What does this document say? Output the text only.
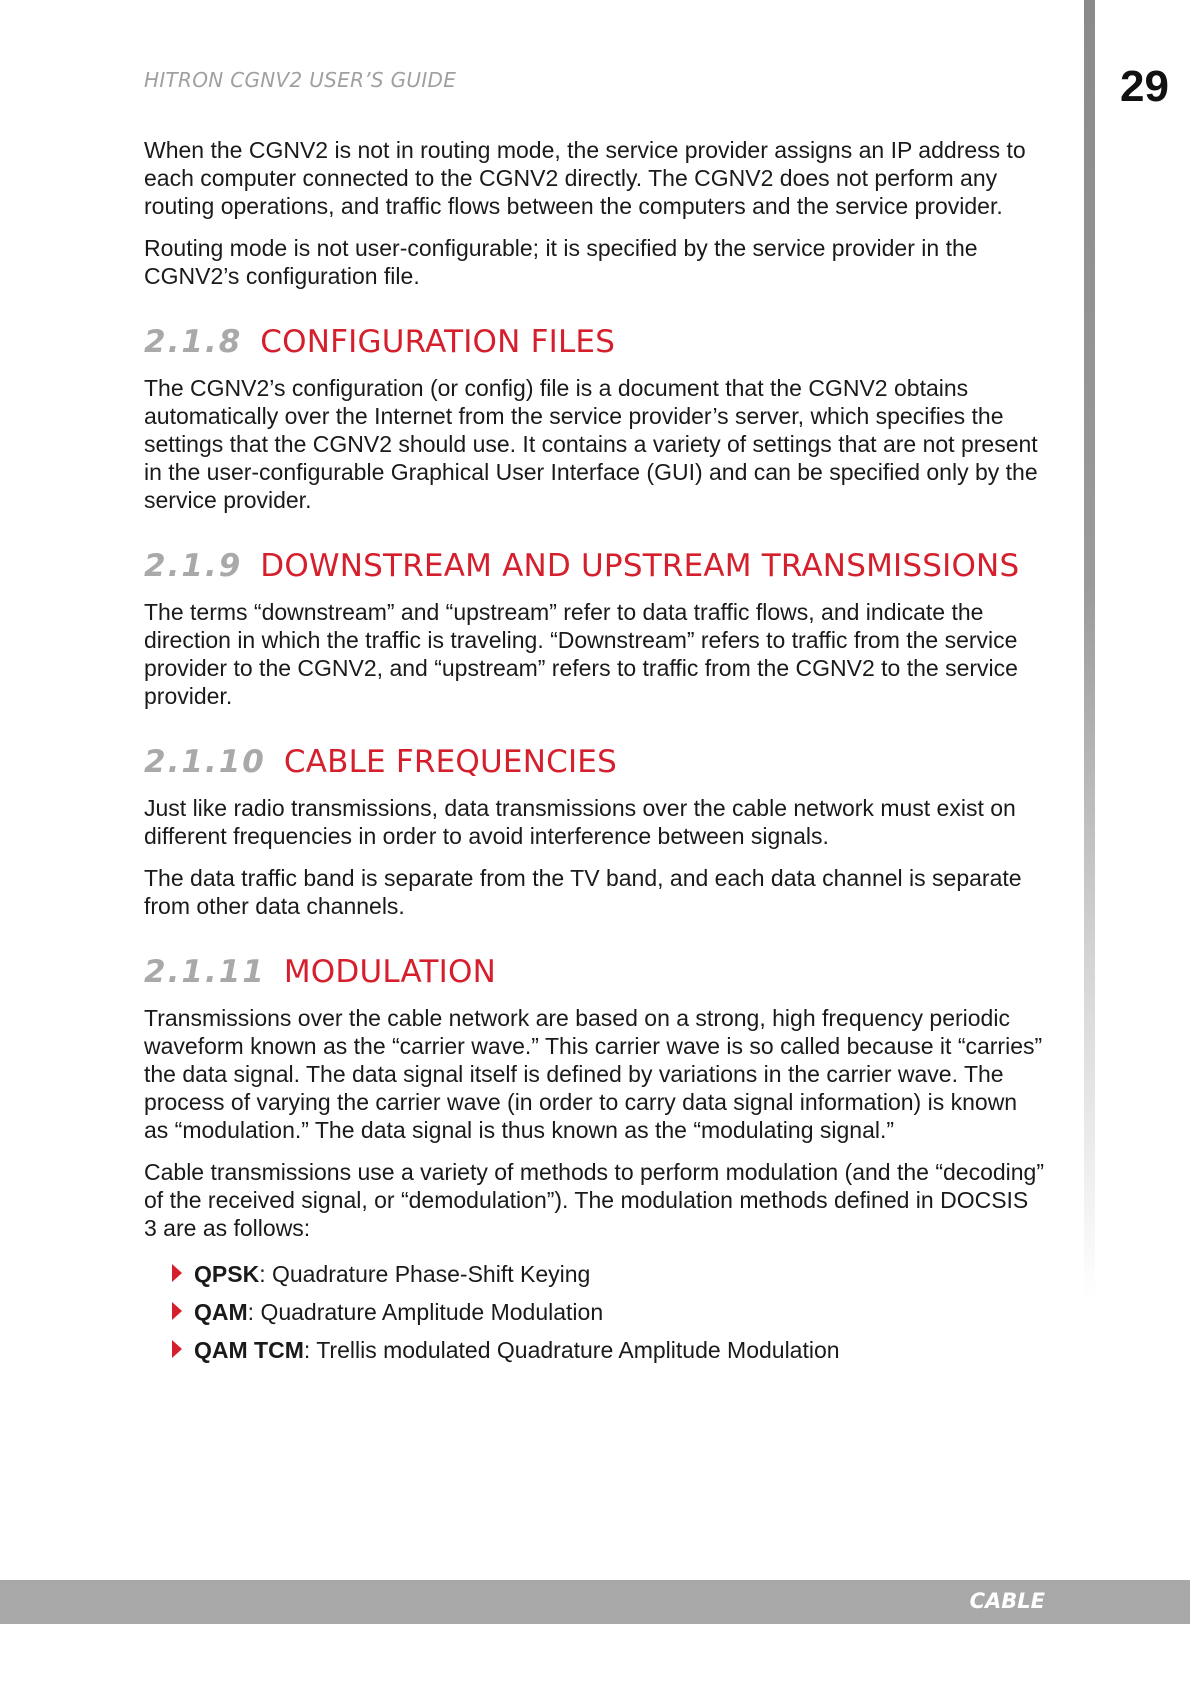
HITRON CGNV2 USER’S GUIDE	29

When the CGNV2 is not in routing mode, the service provider assigns an IP address to each computer connected to the CGNV2 directly. The CGNV2 does not perform any routing operations, and traffic flows between the computers and the service provider.

Routing mode is not user-configurable; it is specified by the service provider in the CGNV2’s configuration file.

2.1.8 CONFIGURATION FILES

The CGNV2’s configuration (or config) file is a document that the CGNV2 obtains automatically over the Internet from the service provider’s server, which specifies the settings that the CGNV2 should use. It contains a variety of settings that are not present in the user-configurable Graphical User Interface (GUI) and can be specified only by the service provider.

2.1.9 DOWNSTREAM AND UPSTREAM TRANSMISSIONS

The terms “downstream” and “upstream” refer to data traffic flows, and indicate the direction in which the traffic is traveling. “Downstream” refers to traffic from the service provider to the CGNV2, and “upstream” refers to traffic from the CGNV2 to the service provider.

2.1.10 CABLE FREQUENCIES

Just like radio transmissions, data transmissions over the cable network must exist on different frequencies in order to avoid interference between signals.

The data traffic band is separate from the TV band, and each data channel is separate from other data channels.

2.1.11 MODULATION

Transmissions over the cable network are based on a strong, high frequency periodic waveform known as the “carrier wave.” This carrier wave is so called because it “carries” the data signal. The data signal itself is defined by variations in the carrier wave. The process of varying the carrier wave (in order to carry data signal information) is known as “modulation.” The data signal is thus known as the “modulating signal.”

Cable transmissions use a variety of methods to perform modulation (and the “decoding” of the received signal, or “demodulation”). The modulation methods defined in DOCSIS 3 are as follows:

QPSK: Quadrature Phase-Shift Keying
QAM: Quadrature Amplitude Modulation
QAM TCM: Trellis modulated Quadrature Amplitude Modulation
CABLE
